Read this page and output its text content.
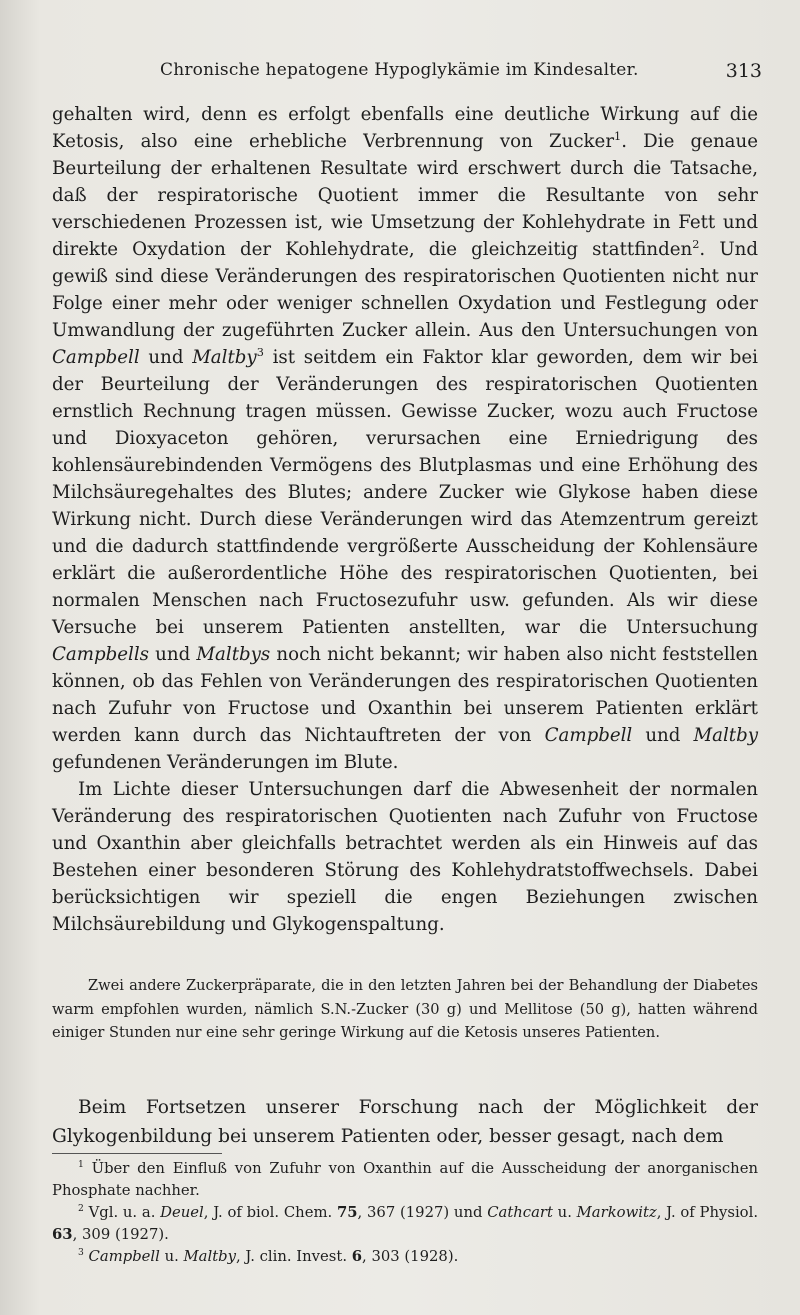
Chronische hepatogene Hypoglykämie im Kindesalter.	313

gehalten wird, denn es erfolgt ebenfalls eine deutliche Wirkung auf die Ketosis, also eine erhebliche Verbrennung von Zucker$^1$. Die genaue Beurteilung der erhaltenen Resultate wird erschwert durch die Tatsache, daß der respiratorische Quotient immer die Resultante von sehr verschiedenen Prozessen ist, wie Umsetzung der Kohlehydrate in Fett und direkte Oxydation der Kohlehydrate, die gleichzeitig stattfinden$^2$. Und gewiß sind diese Veränderungen des respiratorischen Quotienten nicht nur Folge einer mehr oder weniger schnellen Oxydation und Festlegung oder Umwandlung der zugeführten Zucker allein. Aus den Untersuchungen von Campbell und Maltby$^3$ ist seitdem ein Faktor klar geworden, dem wir bei der Beurteilung der Veränderungen des respiratorischen Quotienten ernstlich Rechnung tragen müssen. Gewisse Zucker, wozu auch Fructose und Dioxyaceton gehören, verursachen eine Erniedrigung des kohlensäurebindenden Vermögens des Blutplasmas und eine Erhöhung des Milchsäuregehaltes des Blutes; andere Zucker wie Glykose haben diese Wirkung nicht. Durch diese Veränderungen wird das Atemzentrum gereizt und die dadurch stattfindende vergrößerte Ausscheidung der Kohlensäure erklärt die außerordentliche Höhe des respiratorischen Quotienten, bei normalen Menschen nach Fructosezufuhr usw. gefunden. Als wir diese Versuche bei unserem Patienten anstellten, war die Untersuchung Campbells und Maltbys noch nicht bekannt; wir haben also nicht feststellen können, ob das Fehlen von Veränderungen des respiratorischen Quotienten nach Zufuhr von Fructose und Oxanthin bei unserem Patienten erklärt werden kann durch das Nichtauftreten der von Campbell und Maltby gefundenen Veränderungen im Blute.

Im Lichte dieser Untersuchungen darf die Abwesenheit der normalen Veränderung des respiratorischen Quotienten nach Zufuhr von Fructose und Oxanthin aber gleichfalls betrachtet werden als ein Hinweis auf das Bestehen einer besonderen Störung des Kohlehydratstoffwechsels. Dabei berücksichtigen wir speziell die engen Beziehungen zwischen Milchsäurebildung und Glykogenspaltung.

Zwei andere Zuckerpräparate, die in den letzten Jahren bei der Behandlung der Diabetes warm empfohlen wurden, nämlich S.N.-Zucker (30 g) und Mellitose (50 g), hatten während einiger Stunden nur eine sehr geringe Wirkung auf die Ketosis unseres Patienten.

Beim Fortsetzen unserer Forschung nach der Möglichkeit der Glykogenbildung bei unserem Patienten oder, besser gesagt, nach dem

$^1$ Über den Einfluß von Zufuhr von Oxanthin auf die Ausscheidung der anorganischen Phosphate nachher.

$^2$ Vgl. u. a. Deuel, J. of biol. Chem. 75, 367 (1927) und Cathcart u. Markowitz, J. of Physiol. 63, 309 (1927).

$^3$ Campbell u. Maltby, J. clin. Invest. 6, 303 (1928).
